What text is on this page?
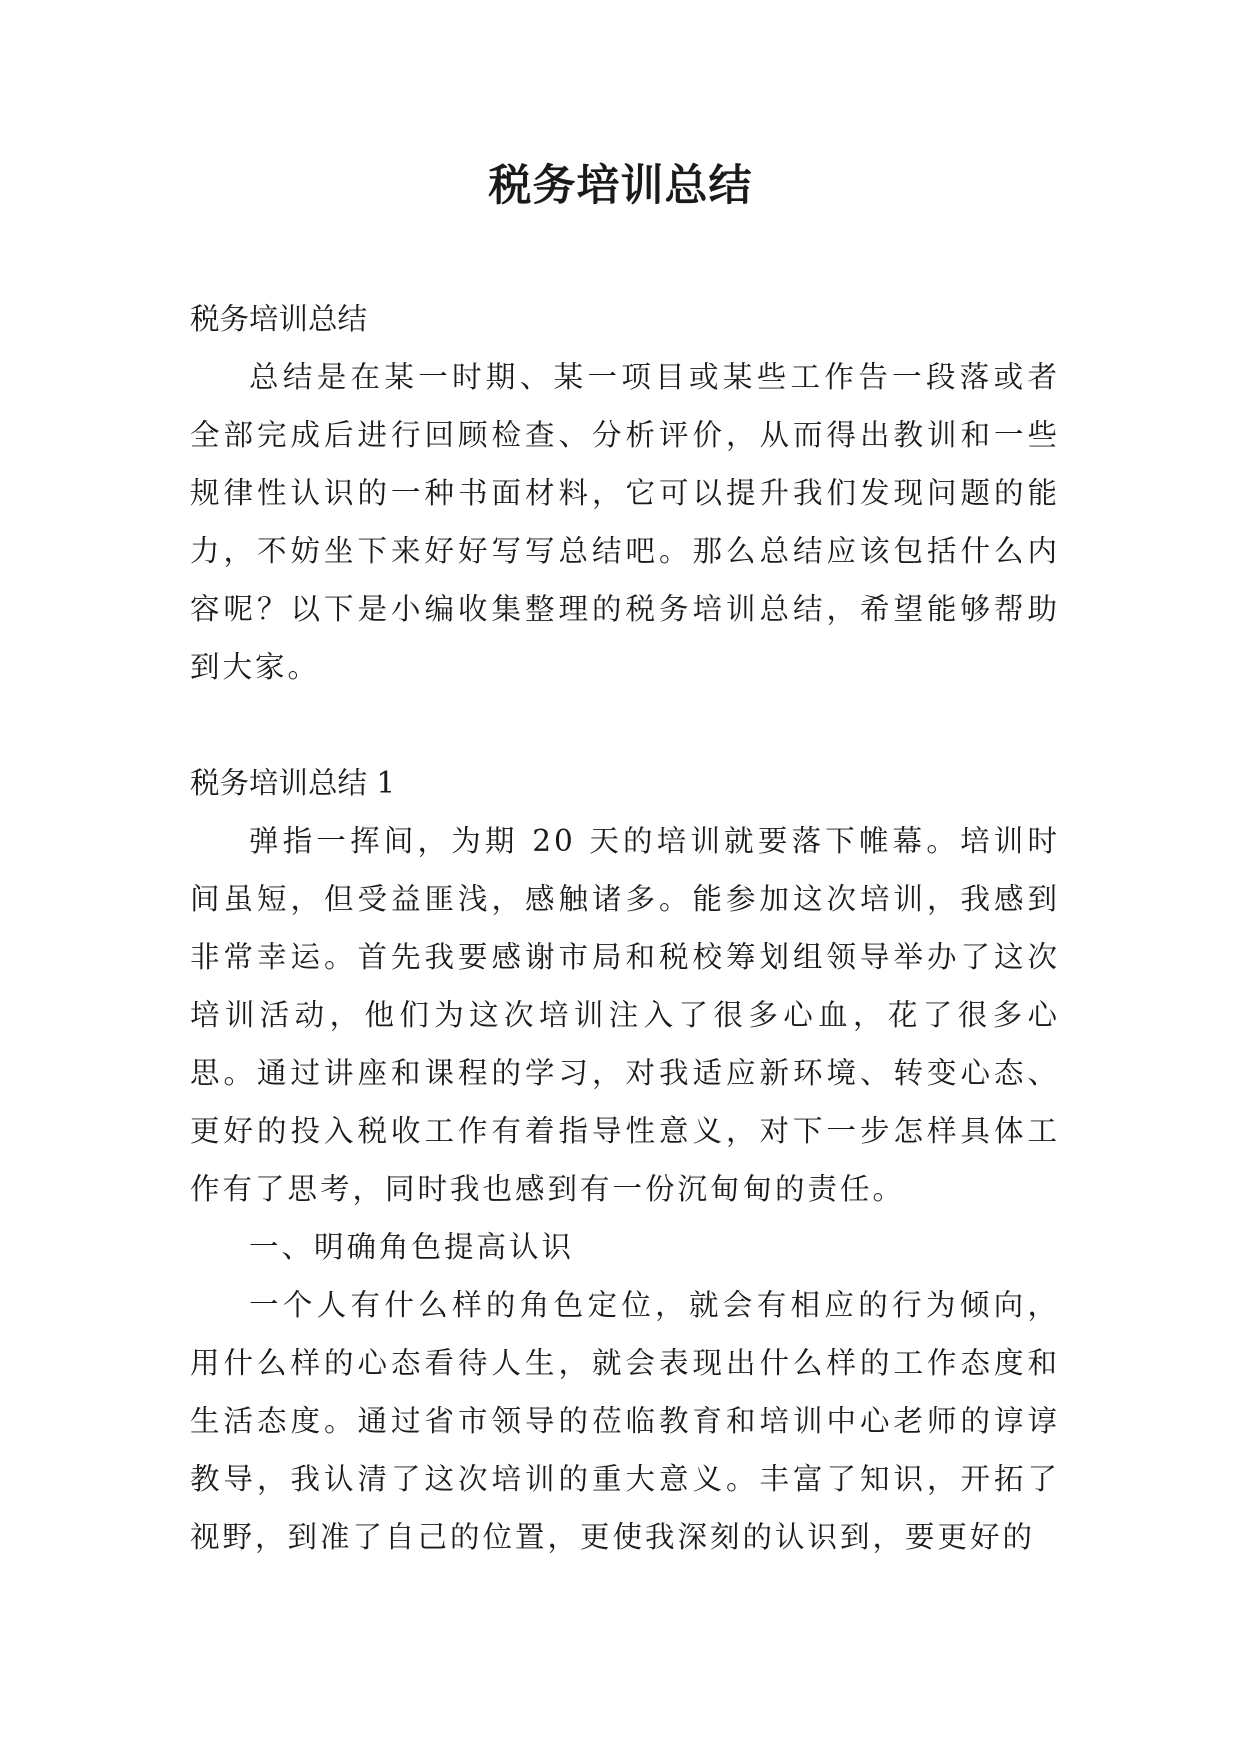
税务培训总结

税务培训总结

总结是在某一时期、某一项目或某些工作告一段落或者全部完成后进行回顾检查、分析评价，从而得出教训和一些规律性认识的一种书面材料，它可以提升我们发现问题的能力，不妨坐下来好好写写总结吧。那么总结应该包括什么内容呢？以下是小编收集整理的税务培训总结，希望能够帮助到大家。

税务培训总结 1

弹指一挥间，为期 20 天的培训就要落下帷幕。培训时间虽短，但受益匪浅，感触诸多。能参加这次培训，我感到非常幸运。首先我要感谢市局和税校筹划组领导举办了这次培训活动，他们为这次培训注入了很多心血，花了很多心思。通过讲座和课程的学习，对我适应新环境、转变心态、更好的投入税收工作有着指导性意义，对下一步怎样具体工作有了思考，同时我也感到有一份沉甸甸的责任。

一、明确角色提高认识

一个人有什么样的角色定位，就会有相应的行为倾向，用什么样的心态看待人生，就会表现出什么样的工作态度和生活态度。通过省市领导的莅临教育和培训中心老师的谆谆教导，我认清了这次培训的重大意义。丰富了知识，开拓了视野，到准了自己的位置，更使我深刻的认识到，要更好的
